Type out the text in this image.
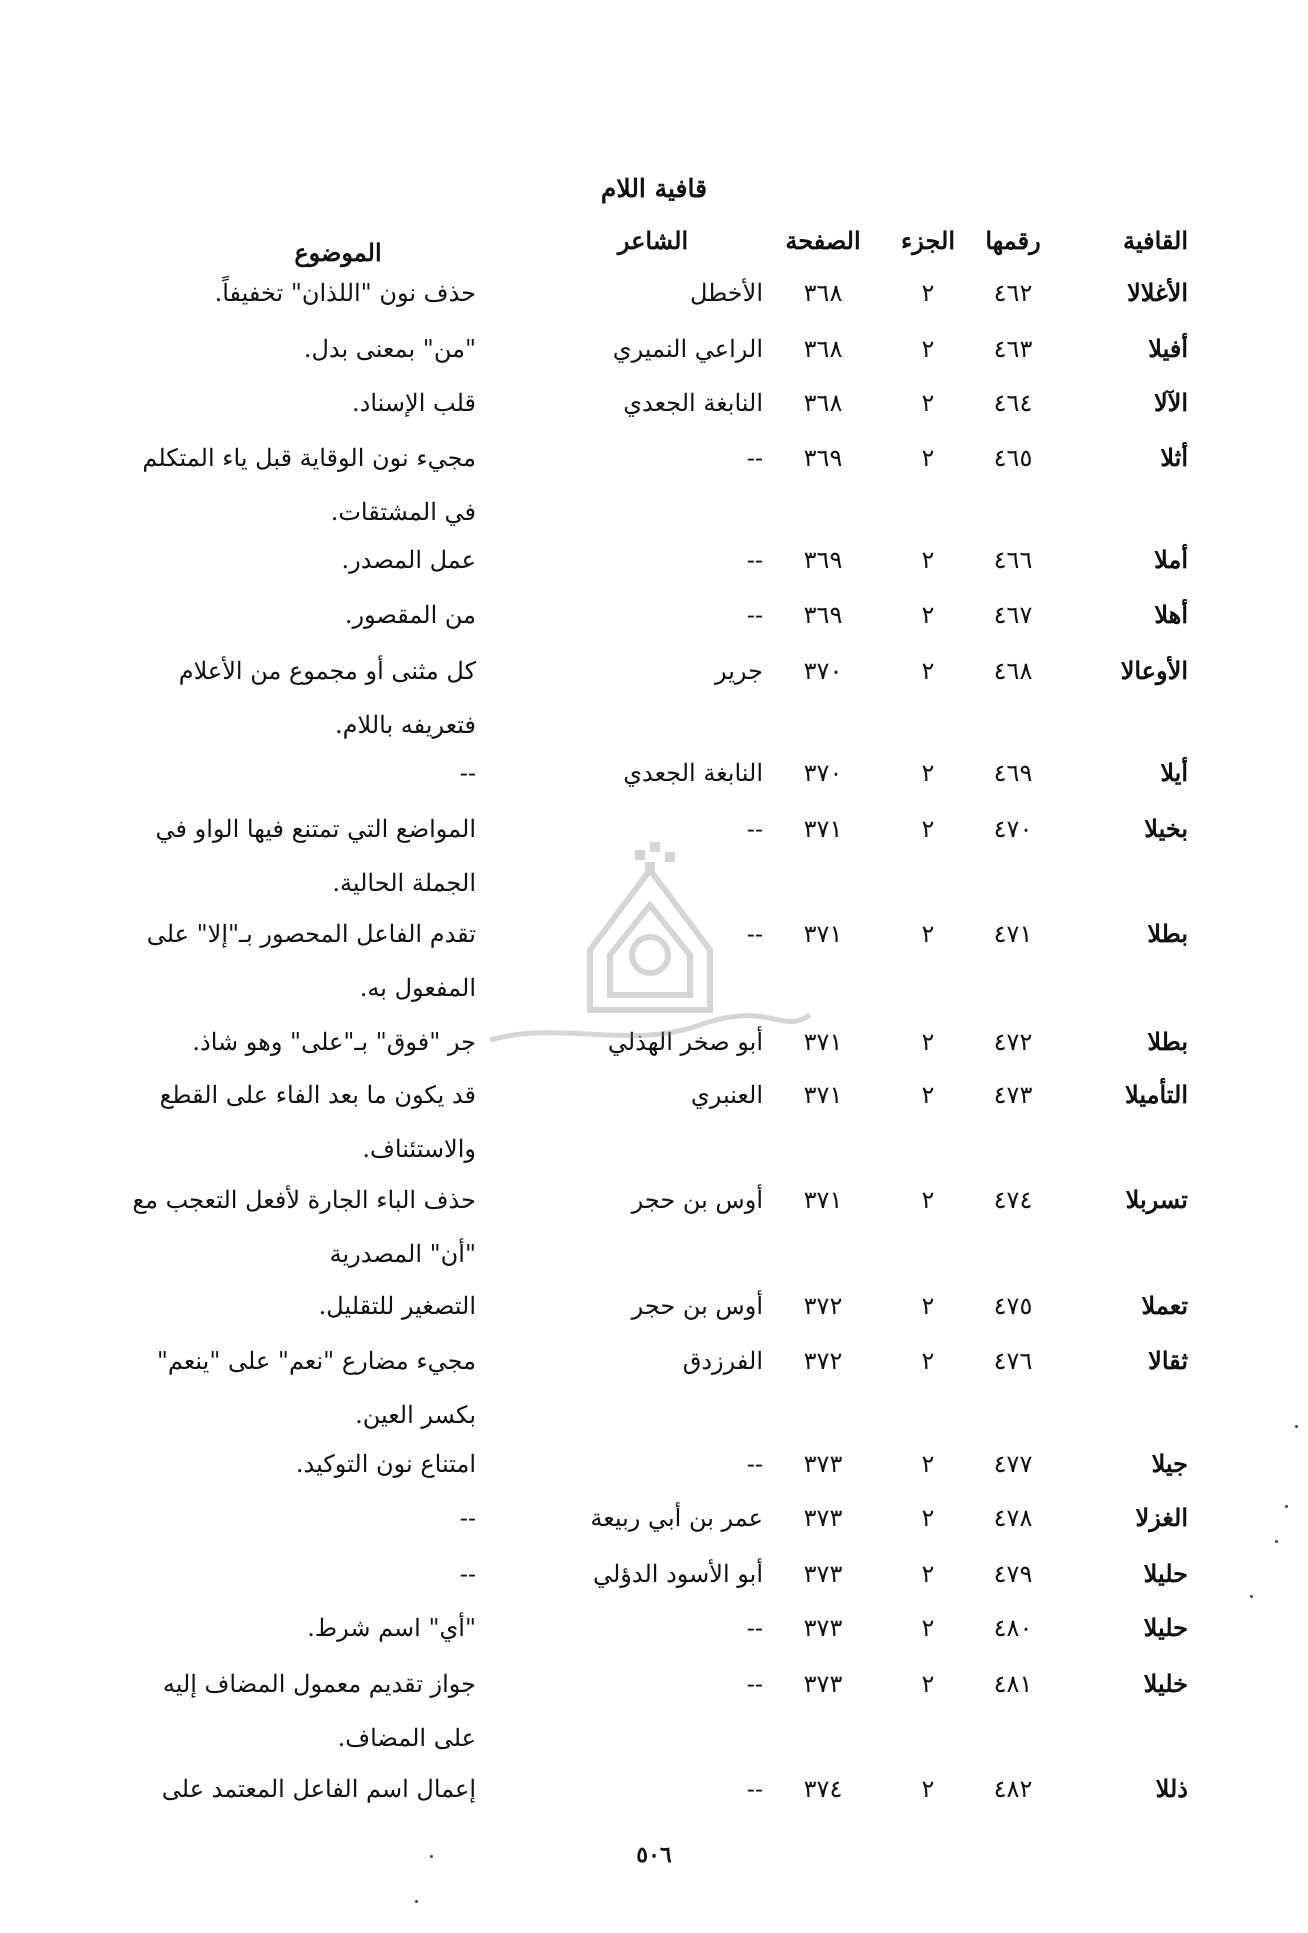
قافية اللام
القافية
رقمها
الجزء
الصفحة
الشاعر
الموضوع
الأغلالا
٤٦٢
٢
٣٦٨
الأخطل
حذف نون "اللذان" تخفيفاً.
أفيلا
٤٦٣
٢
٣٦٨
الراعي النميري
"من" بمعنى بدل.
الآلا
٤٦٤
٢
٣٦٨
النابغة الجعدي
قلب الإسناد.
أثلا
٤٦٥
٢
٣٦٩
--
مجيء نون الوقاية قبل ياء المتكلم في المشتقات.
أملا
٤٦٦
٢
٣٦٩
--
عمل المصدر.
أهلا
٤٦٧
٢
٣٦٩
--
من المقصور.
الأوعالا
٤٦٨
٢
٣٧٠
جرير
كل مثنى أو مجموع من الأعلام فتعريفه باللام.
أيلا
٤٦٩
٢
٣٧٠
النابغة الجعدي
--
بخيلا
٤٧٠
٢
٣٧١
--
المواضع التي تمتنع فيها الواو في الجملة الحالية.
بطلا
٤٧١
٢
٣٧١
--
تقدم الفاعل المحصور بـ"إلا" على المفعول به.
بطلا
٤٧٢
٢
٣٧١
أبو صخر الهذلي
جر "فوق" بـ"على" وهو شاذ.
التأميلا
٤٧٣
٢
٣٧١
العنبري
قد يكون ما بعد الفاء على القطع والاستئناف.
تسربلا
٤٧٤
٢
٣٧١
أوس بن حجر
حذف الباء الجارة لأفعل التعجب مع "أن" المصدرية
تعملا
٤٧٥
٢
٣٧٢
أوس بن حجر
التصغير للتقليل.
ثقالا
٤٧٦
٢
٣٧٢
الفرزدق
مجيء مضارع "نعم" على "ينعم" بكسر العين.
جيلا
٤٧٧
٢
٣٧٣
--
امتناع نون التوكيد.
الغزلا
٤٧٨
٢
٣٧٣
عمر بن أبي ربيعة
--
حليلا
٤٧٩
٢
٣٧٣
أبو الأسود الدؤلي
--
حليلا
٤٨٠
٢
٣٧٣
--
"أي" اسم شرط.
خليلا
٤٨١
٢
٣٧٣
--
جواز تقديم معمول المضاف إليه على المضاف.
ذللا
٤٨٢
٢
٣٧٤
--
إعمال اسم الفاعل المعتمد على
٥٠٦
